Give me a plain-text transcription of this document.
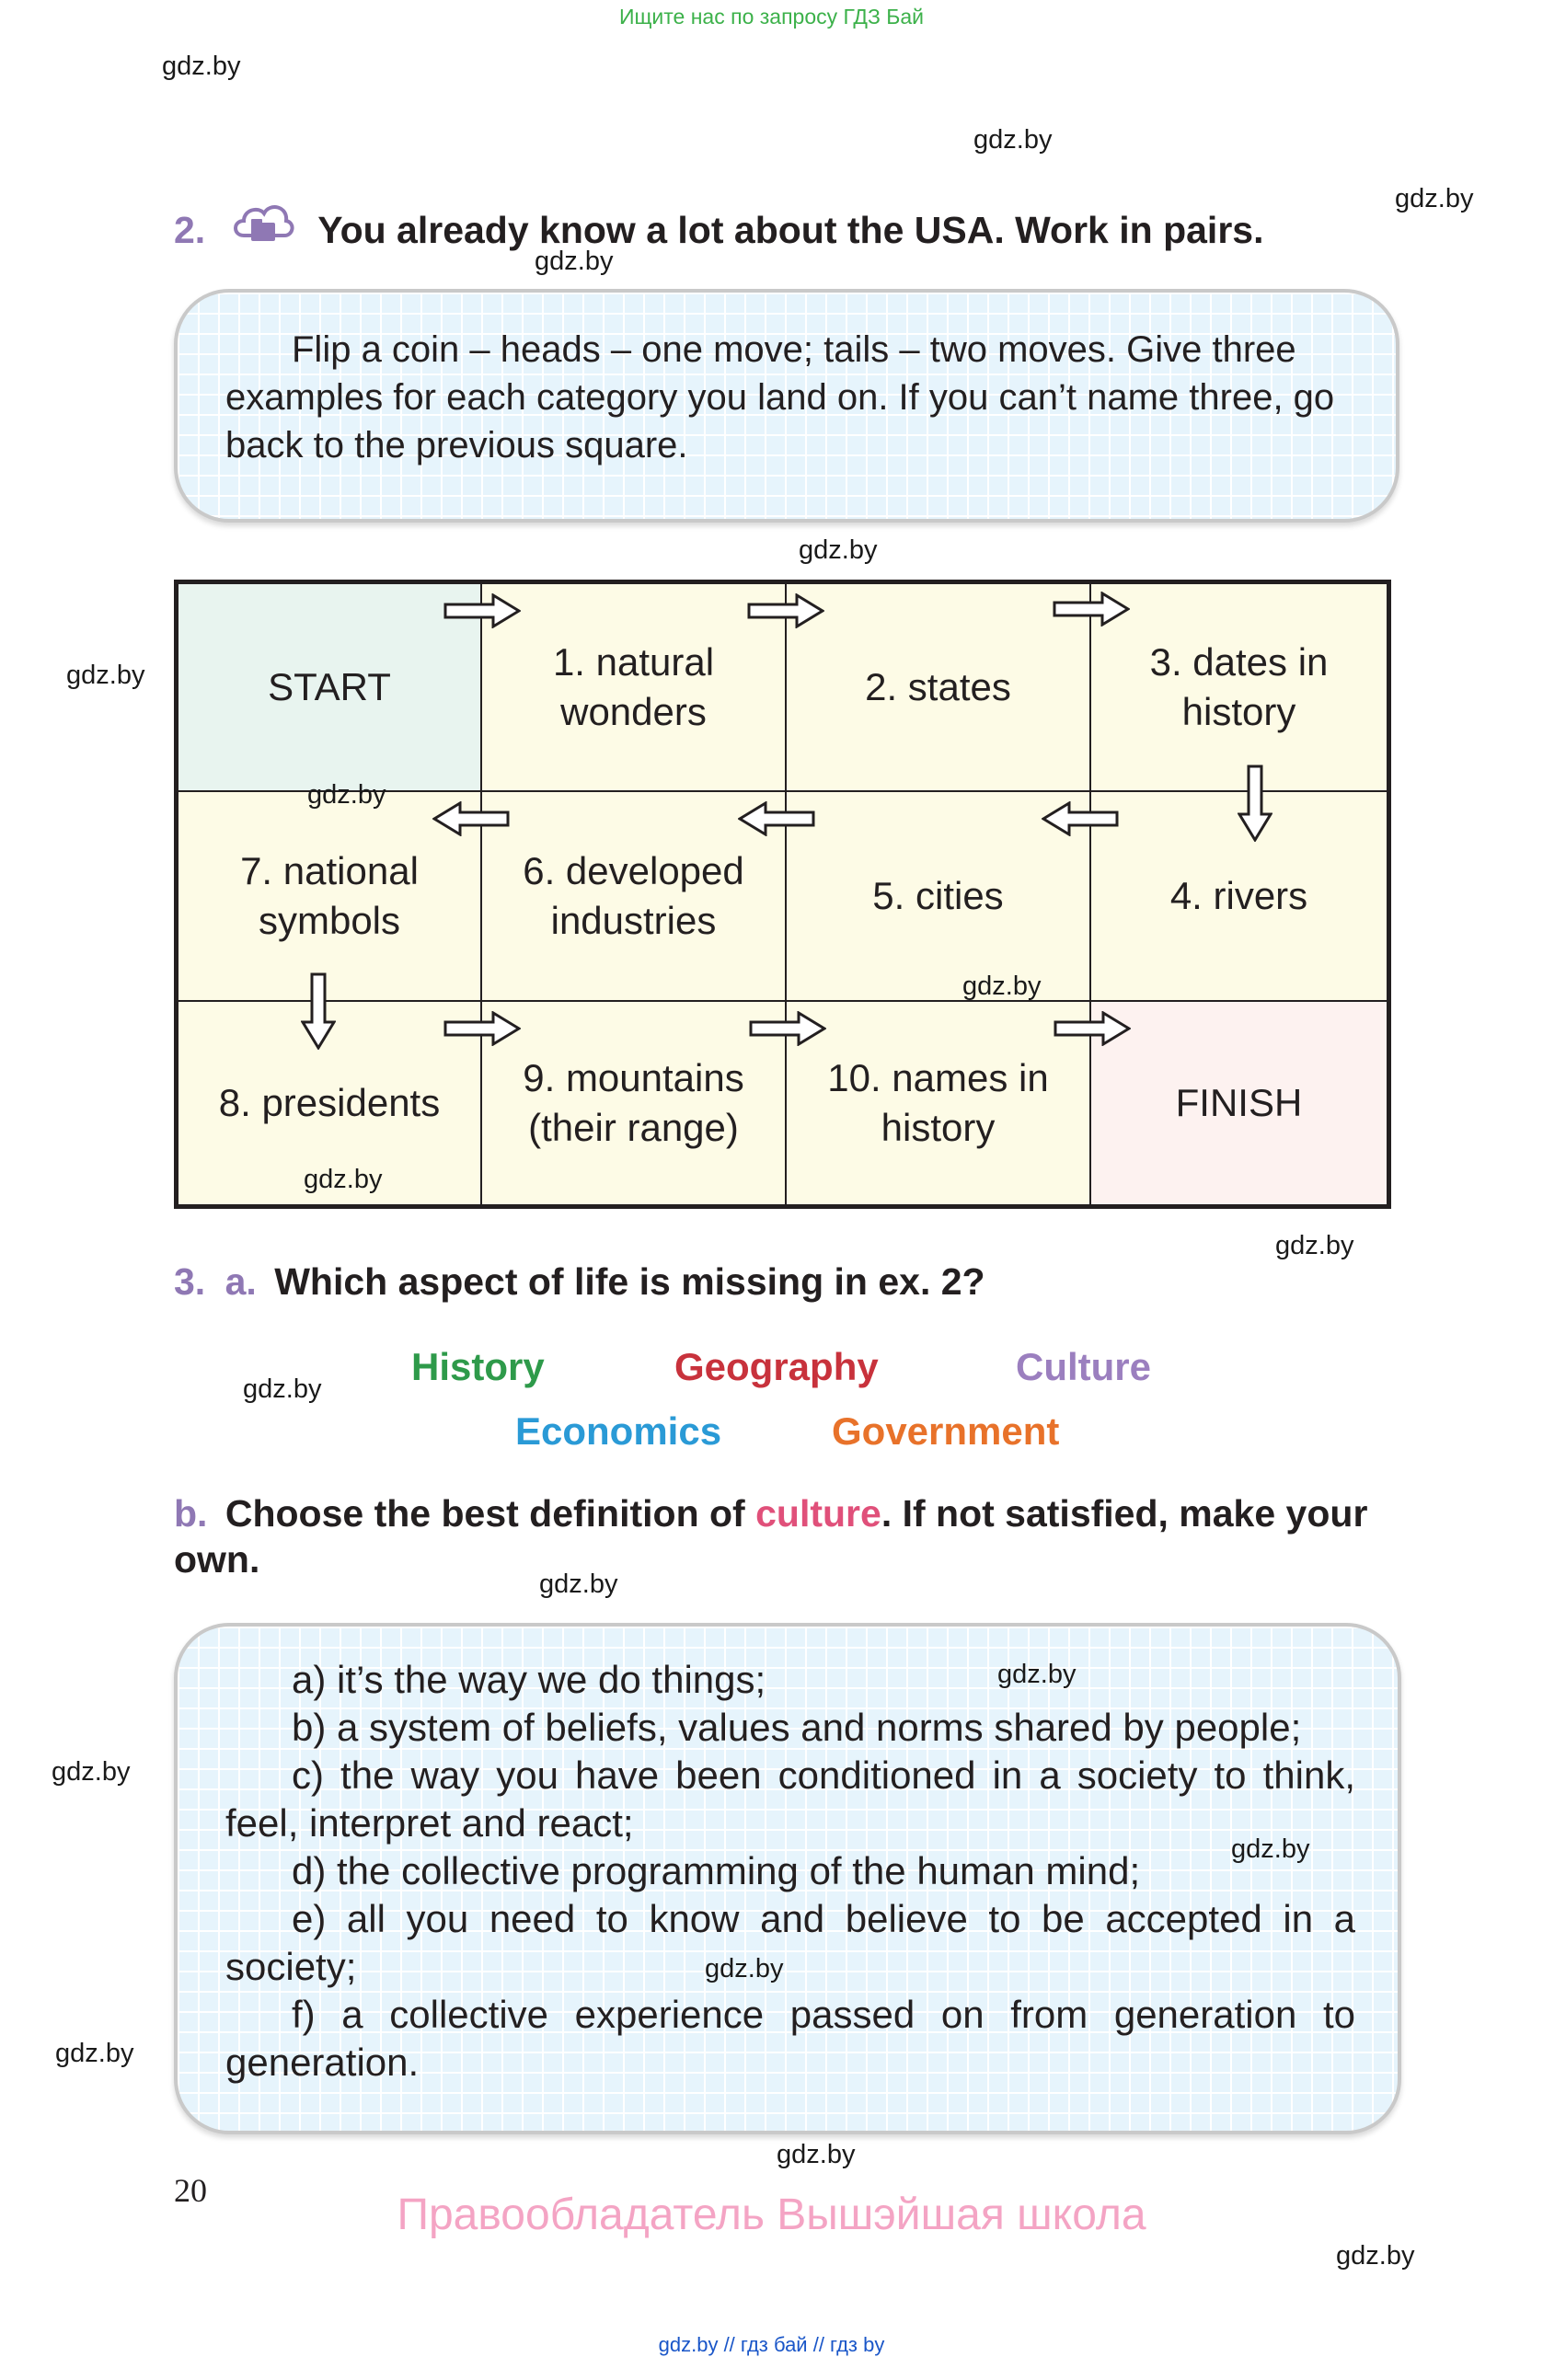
Ищите нас по запросу ГДЗ Бай
gdz.by
gdz.by
gdz.by
gdz.by
gdz.by
gdz.by
2.	You already know a lot about the USA. Work in pairs.
Flip a coin – heads – one move; tails – two moves. Give three examples for each category you land on. If you can’t name three, go back to the previous square.
START
1. natural wonders
2. states
3. dates in history
7. national symbols
6. developed industries
5. cities	4. rivers
8. presidents
9. mountains (their range)
10. names in history
FINISH
gdz.by
gdz.by
gdz.by
gdz.by
3. a. Which aspect of life is missing in ex. 2?
gdz.by
History	Geography	Culture
Economics	Government
b. Choose the best definition of culture. If not satisfied, make your own.
gdz.by
a) it’s the way we do things;
b) a system of beliefs, values and norms shared by people;
c) the way you have been conditioned in a society to think, feel, interpret and react;
d) the collective programming of the human mind;
e) all you need to know and believe to be accepted in a society;
f) a collective experience passed on from generation to generation.
gdz.by
gdz.by
gdz.by
gdz.by
gdz.by
gdz.by
20	Правообладатель Вышэйшая школа
gdz.by
gdz.by // гдз бай // гдз by
